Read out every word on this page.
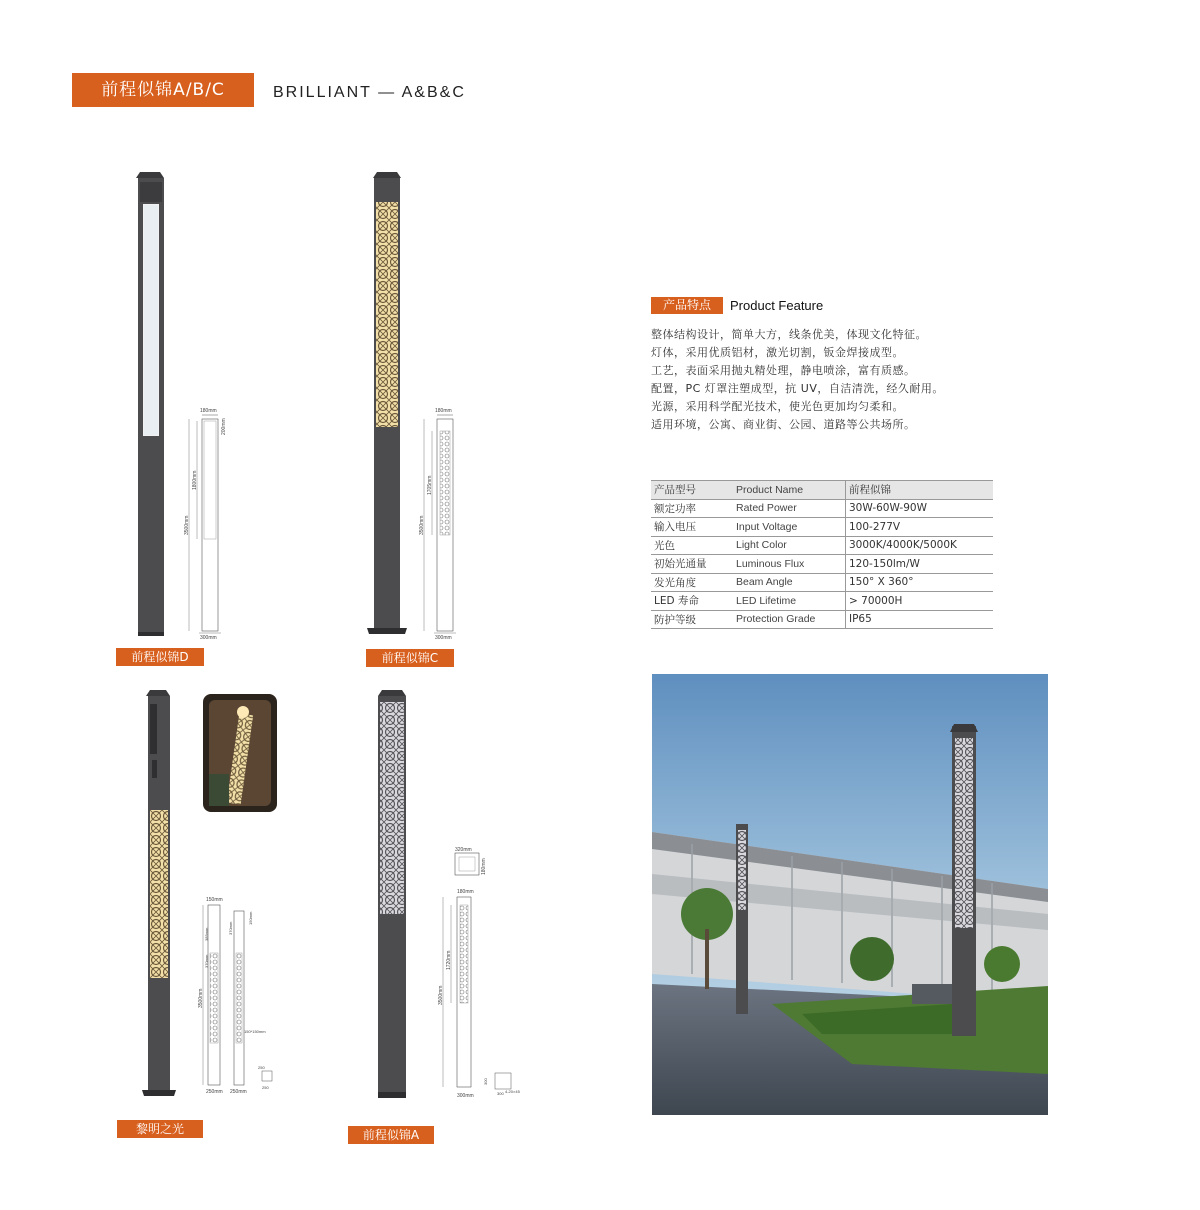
前程似锦A/B/C	BRILLIANT — A&B&C
180mm
3500mm
1800mm
200mm
300mm
前程似锦D
180mm
3500mm
1705mm
300mm
前程似锦C
150mm
3500mm
385mm
370mm
250mm
150mm
370mm
150*150mm
250mm
250
250
黎明之光
320mm
180mm
180mm
3500mm
1720mm
300mm
300
300 4-20×45
前程似锦A
产品特点	Product Feature
整体结构设计，简单大方，线条优美，体现文化特征。
灯体，采用优质铝材，激光切割，钣金焊接成型。
工艺，表面采用抛丸精处理，静电喷涂，富有质感。
配置，PC 灯罩注塑成型，抗 UV，自洁清洗，经久耐用。
光源，采用科学配光技术，使光色更加均匀柔和。
适用环境，公寓、商业街、公园、道路等公共场所。
产品型号	Product Name	前程似锦
额定功率	Rated Power	30W-60W-90W
输入电压	Input Voltage	100-277V
光色	Light Color	3000K/4000K/5000K
初始光通量	Luminous Flux	120-150lm/W
发光角度	Beam Angle	150° X 360°
LED 寿命	LED Lifetime	> 70000H
防护等级	Protection Grade	IP65
